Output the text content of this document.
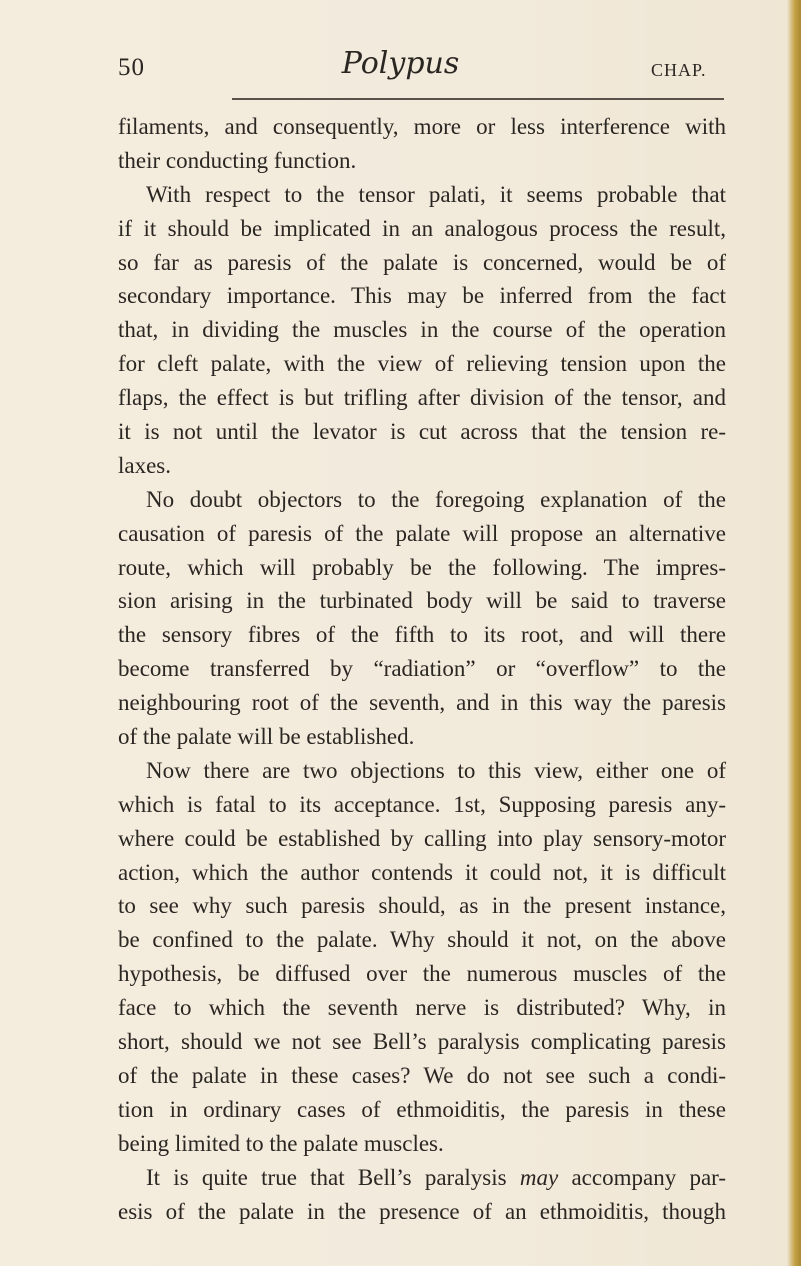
50	Polypus	CHAP.
filaments, and consequently, more or less interference with
their conducting function.
With respect to the tensor palati, it seems probable that
if it should be implicated in an analogous process the result,
so far as paresis of the palate is concerned, would be of
secondary importance. This may be inferred from the fact
that, in dividing the muscles in the course of the operation
for cleft palate, with the view of relieving tension upon the
flaps, the effect is but trifling after division of the tensor, and
it is not until the levator is cut across that the tension re-
laxes.
No doubt objectors to the foregoing explanation of the
causation of paresis of the palate will propose an alternative
route, which will probably be the following. The impres-
sion arising in the turbinated body will be said to traverse
the sensory fibres of the fifth to its root, and will there
become transferred by “radiation” or “overflow” to the
neighbouring root of the seventh, and in this way the paresis
of the palate will be established.
Now there are two objections to this view, either one of
which is fatal to its acceptance. 1st, Supposing paresis any-
where could be established by calling into play sensory-motor
action, which the author contends it could not, it is difficult
to see why such paresis should, as in the present instance,
be confined to the palate. Why should it not, on the above
hypothesis, be diffused over the numerous muscles of the
face to which the seventh nerve is distributed? Why, in
short, should we not see Bell’s paralysis complicating paresis
of the palate in these cases? We do not see such a condi-
tion in ordinary cases of ethmoiditis, the paresis in these
being limited to the palate muscles.
It is quite true that Bell’s paralysis may accompany par-
esis of the palate in the presence of an ethmoiditis, though
